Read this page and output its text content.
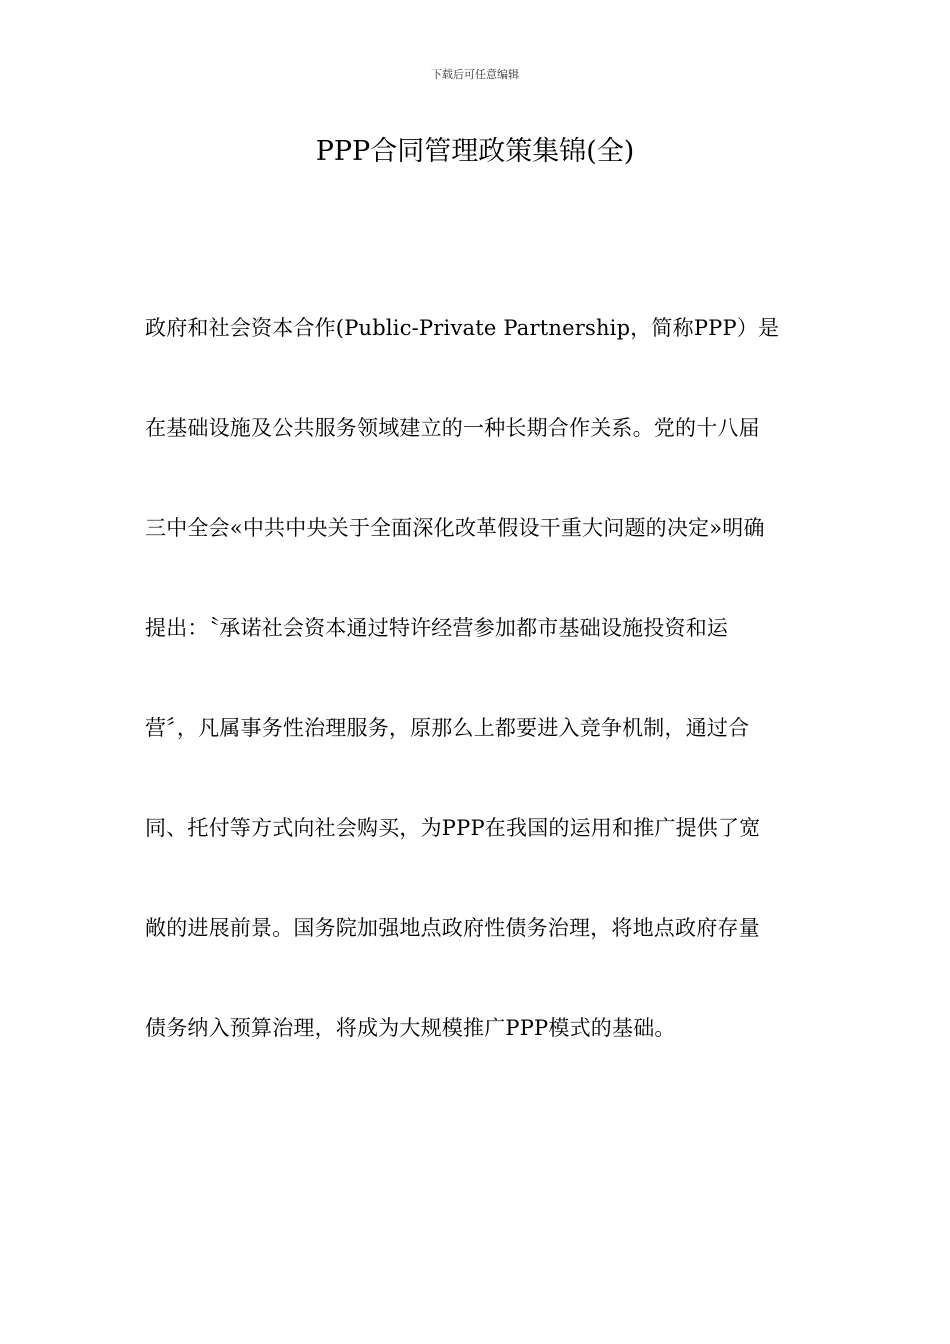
下载后可任意编辑
PPP合同管理政策集锦(全)
政府和社会资本合作(Public-Private Partnership，简称PPP）是
在基础设施及公共服务领域建立的一种长期合作关系。党的十八届
三中全会«中共中央关于全面深化改革假设干重大问题的决定»明确
提出：〝承诺社会资本通过特许经营参加都市基础设施投资和运
营〞，凡属事务性治理服务，原那么上都要进入竞争机制，通过合
同、托付等方式向社会购买，为PPP在我国的运用和推广提供了宽
敞的进展前景。国务院加强地点政府性债务治理，将地点政府存量
债务纳入预算治理，将成为大规模推广PPP模式的基础。
